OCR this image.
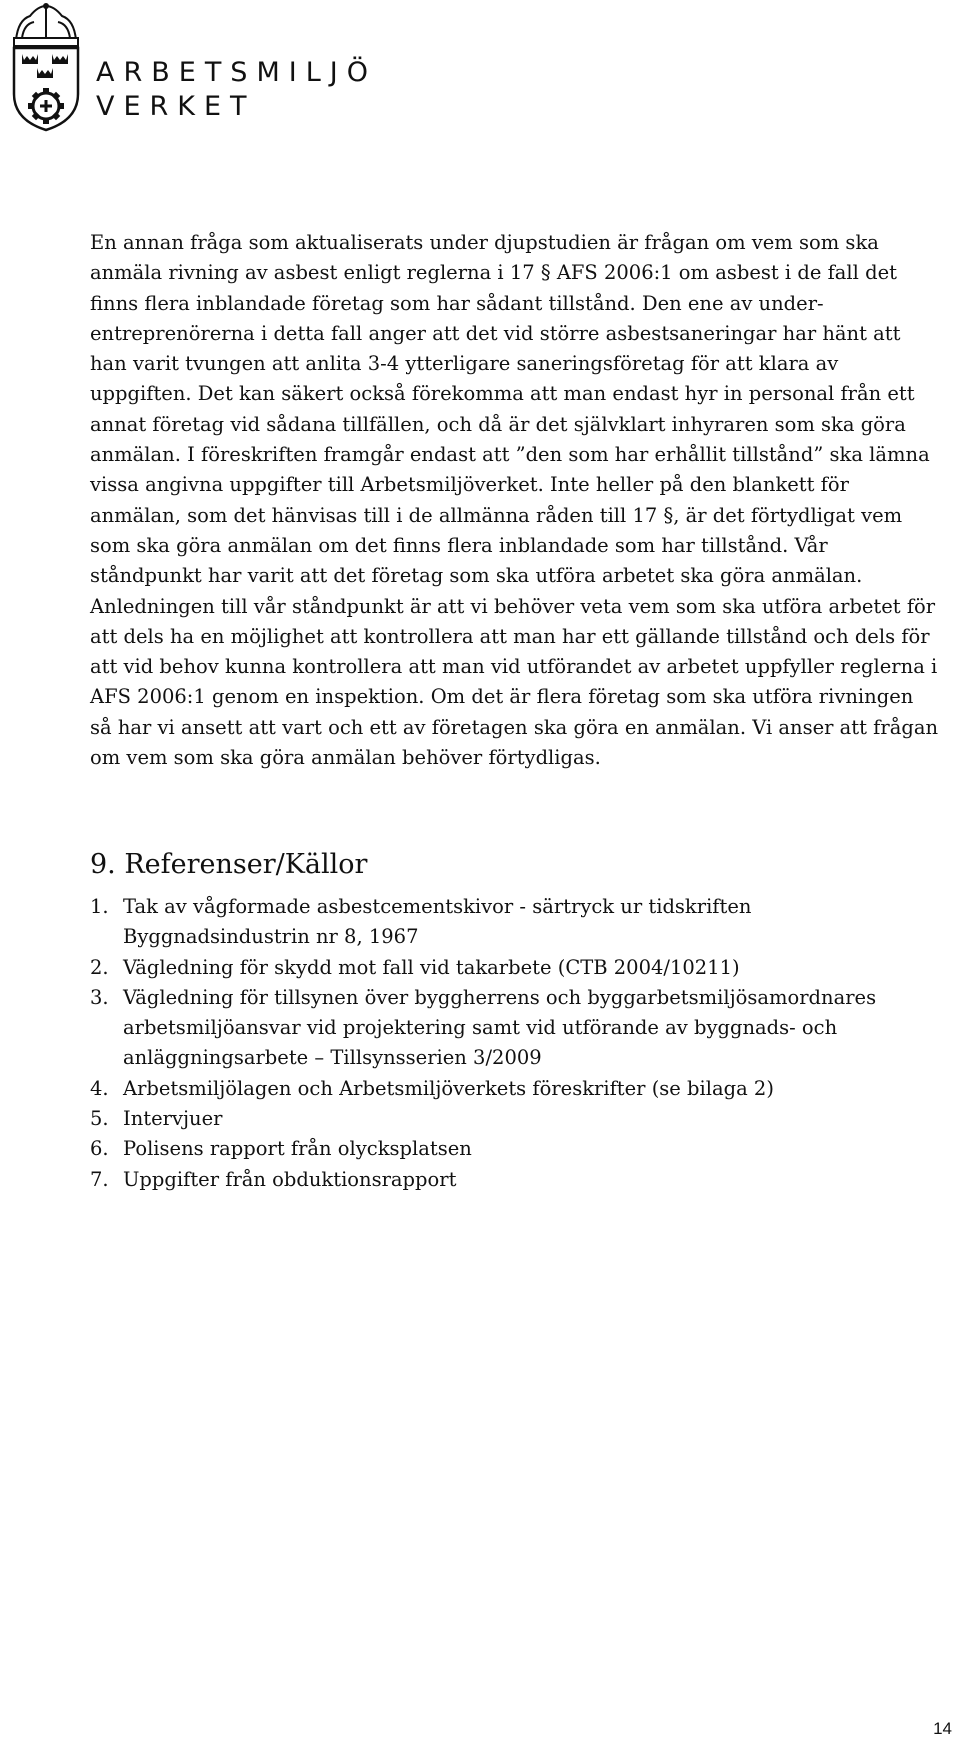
ARBETSMILJÖ
VERKET

En annan fråga som aktualiserats under djupstudien är frågan om vem som ska anmäla rivning av asbest enligt reglerna i 17 § AFS 2006:1 om asbest i de fall det finns flera inblandade företag som har sådant tillstånd. Den ene av under-entreprenörerna i detta fall anger att det vid större asbestsaneringar har hänt att han varit tvungen att anlita 3-4 ytterligare saneringsföretag för att klara av uppgiften. Det kan säkert också förekomma att man endast hyr in personal från ett annat företag vid sådana tillfällen, och då är det självklart inhyraren som ska göra anmälan. I föreskriften framgår endast att ”den som har erhållit tillstånd” ska lämna vissa angivna uppgifter till Arbetsmiljöverket. Inte heller på den blankett för anmälan, som det hänvisas till i de allmänna råden till 17 §, är det förtydligat vem som ska göra anmälan om det finns flera inblandade som har tillstånd. Vår ståndpunkt har varit att det företag som ska utföra arbetet ska göra anmälan. Anledningen till vår ståndpunkt är att vi behöver veta vem som ska utföra arbetet för att dels ha en möjlighet att kontrollera att man har ett gällande tillstånd och dels för att vid behov kunna kontrollera att man vid utförandet av arbetet uppfyller reglerna i AFS 2006:1 genom en inspektion. Om det är flera företag som ska utföra rivningen så har vi ansett att vart och ett av företagen ska göra en anmälan. Vi anser att frågan om vem som ska göra anmälan behöver förtydligas.

9. Referenser/Källor
1. Tak av vågformade asbestcementskivor - särtryck ur tidskriften Byggnadsindustrin nr 8, 1967
2. Vägledning för skydd mot fall vid takarbete (CTB 2004/10211)
3. Vägledning för tillsynen över byggherrens och byggarbetsmiljösamordnares arbetsmiljöansvar vid projektering samt vid utförande av byggnads- och anläggningsarbete – Tillsynsserien 3/2009
4. Arbetsmiljölagen och Arbetsmiljöverkets föreskrifter (se bilaga 2)
5. Intervjuer
6. Polisens rapport från olycksplatsen
7. Uppgifter från obduktionsrapport
14
